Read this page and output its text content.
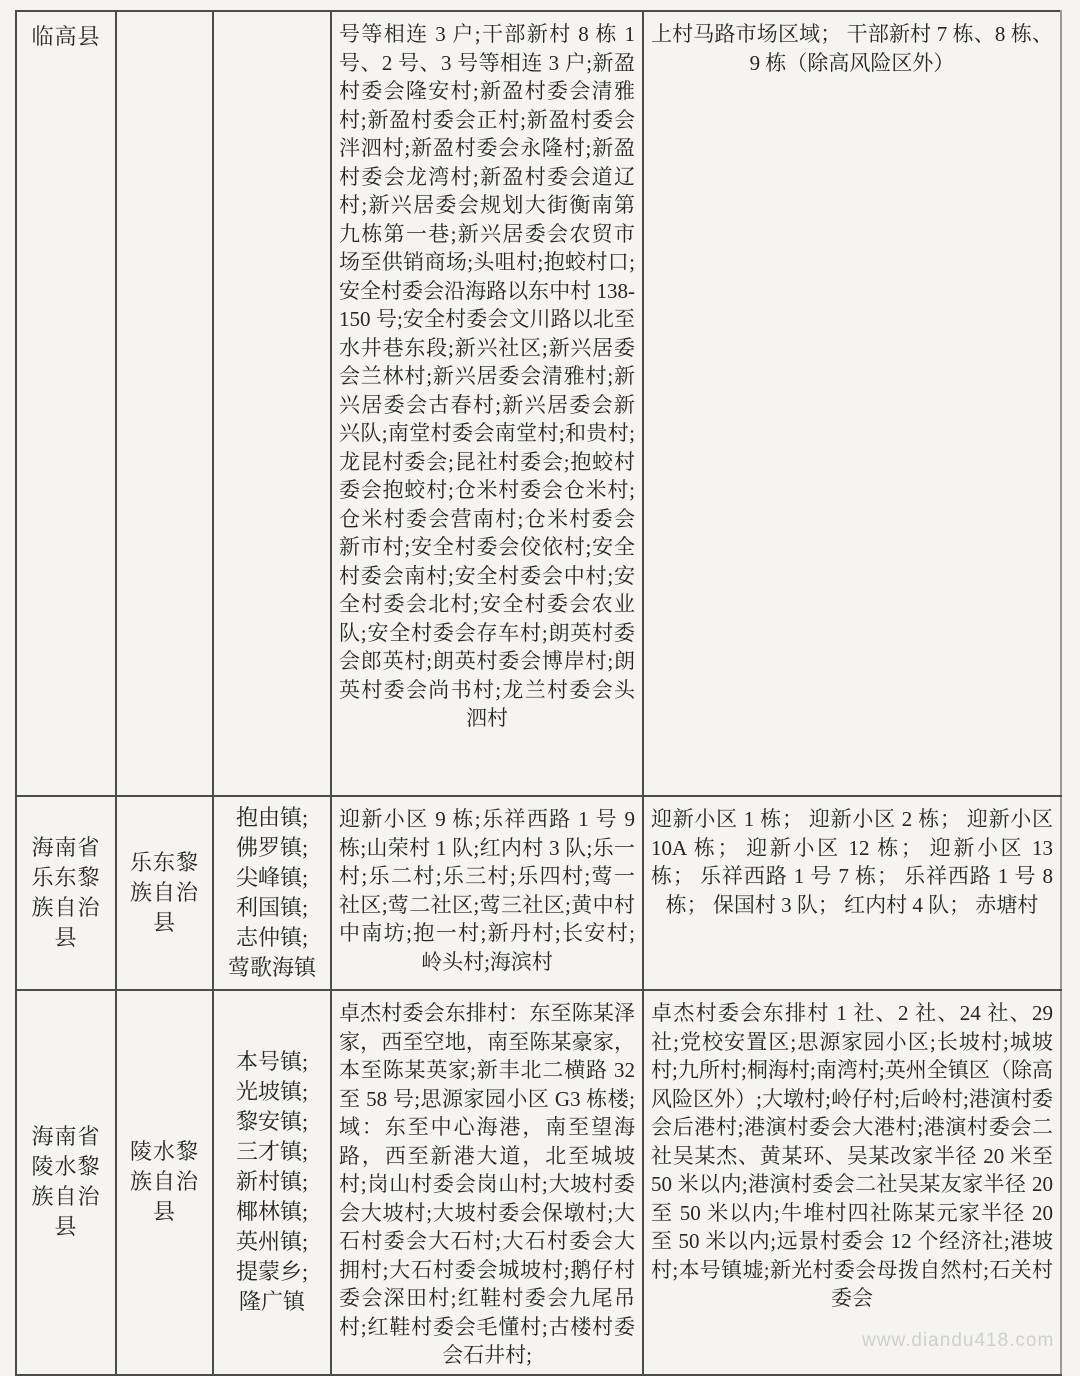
临高县			号等相连 3 户;干部新村 8 栋 1 号、2 号、3 号等相连 3 户;新盈村委会隆安村;新盈村委会清雅村;新盈村委会正村;新盈村委会泮泗村;新盈村委会永隆村;新盈村委会龙湾村;新盈村委会道辽村;新兴居委会规划大街衡南第九栋第一巷;新兴居委会农贸市场至供销商场;头咀村;抱蛟村口;安全村委会沿海路以东中村 138-150 号;安全村委会文川路以北至水井巷东段;新兴社区;新兴居委会兰林村;新兴居委会清雅村;新兴居委会古春村;新兴居委会新兴队;南堂村委会南堂村;和贵村;龙昆村委会;昆社村委会;抱蛟村委会抱蛟村;仓米村委会仓米村;仓米村委会营南村;仓米村委会新市村;安全村委会佼依村;安全村委会南村;安全村委会中村;安全村委会北村;安全村委会农业队;安全村委会存车村;朗英村委会郎英村;朗英村委会博岸村;朗英村委会尚书村;龙兰村委会头泗村	上村马路市场区域； 干部新村 7 栋、8 栋、9 栋（除高风险区外）
海南省乐东黎族自治县	乐东黎族自治县	抱由镇;
佛罗镇;
尖峰镇;
利国镇;
志仲镇;
莺歌海镇	迎新小区 9 栋;乐祥西路 1 号 9 栋;山荣村 1 队;红内村 3 队;乐一村;乐二村;乐三村;乐四村;莺一社区;莺二社区;莺三社区;黄中村中南坊;抱一村;新丹村;长安村;岭头村;海滨村	迎新小区 1 栋； 迎新小区 2 栋； 迎新小区 10A 栋； 迎新小区 12 栋； 迎新小区 13 栋； 乐祥西路 1 号 7 栋； 乐祥西路 1 号 8 栋； 保国村 3 队； 红内村 4 队； 赤塘村
海南省陵水黎族自治县	陵水黎族自治县	本号镇;
光坡镇;
黎安镇;
三才镇;
新村镇;
椰林镇;
英州镇;
提蒙乡;
隆广镇	卓杰村委会东排村：东至陈某泽家，西至空地，南至陈某豪家，本至陈某英家;新丰北二横路 32 至 58 号;思源家园小区 G3 栋楼;域：东至中心海港，南至望海路，西至新港大道，北至城坡村;岗山村委会岗山村;大坡村委会大坡村;大坡村委会保墩村;大石村委会大石村;大石村委会大拥村;大石村委会城坡村;鹅仔村委会深田村;红鞋村委会九尾吊村;红鞋村委会毛懂村;古楼村委会石井村;	卓杰村委会东排村 1 社、2 社、24 社、29 社;党校安置区;思源家园小区;长坡村;城坡村;九所村;桐海村;南湾村;英州全镇区（除高风险区外）;大墩村;岭仔村;后岭村;港演村委会后港村;港演村委会大港村;港演村委会二社吴某杰、黄某环、吴某改家半径 20 米至 50 米以内;港演村委会二社吴某友家半径 20 至 50 米以内;牛堆村四社陈某元家半径 20 至 50 米以内;远景村委会 12 个经济社;港坡村;本号镇墟;新光村委会母拨自然村;石关村委会
www.diandu418.com
